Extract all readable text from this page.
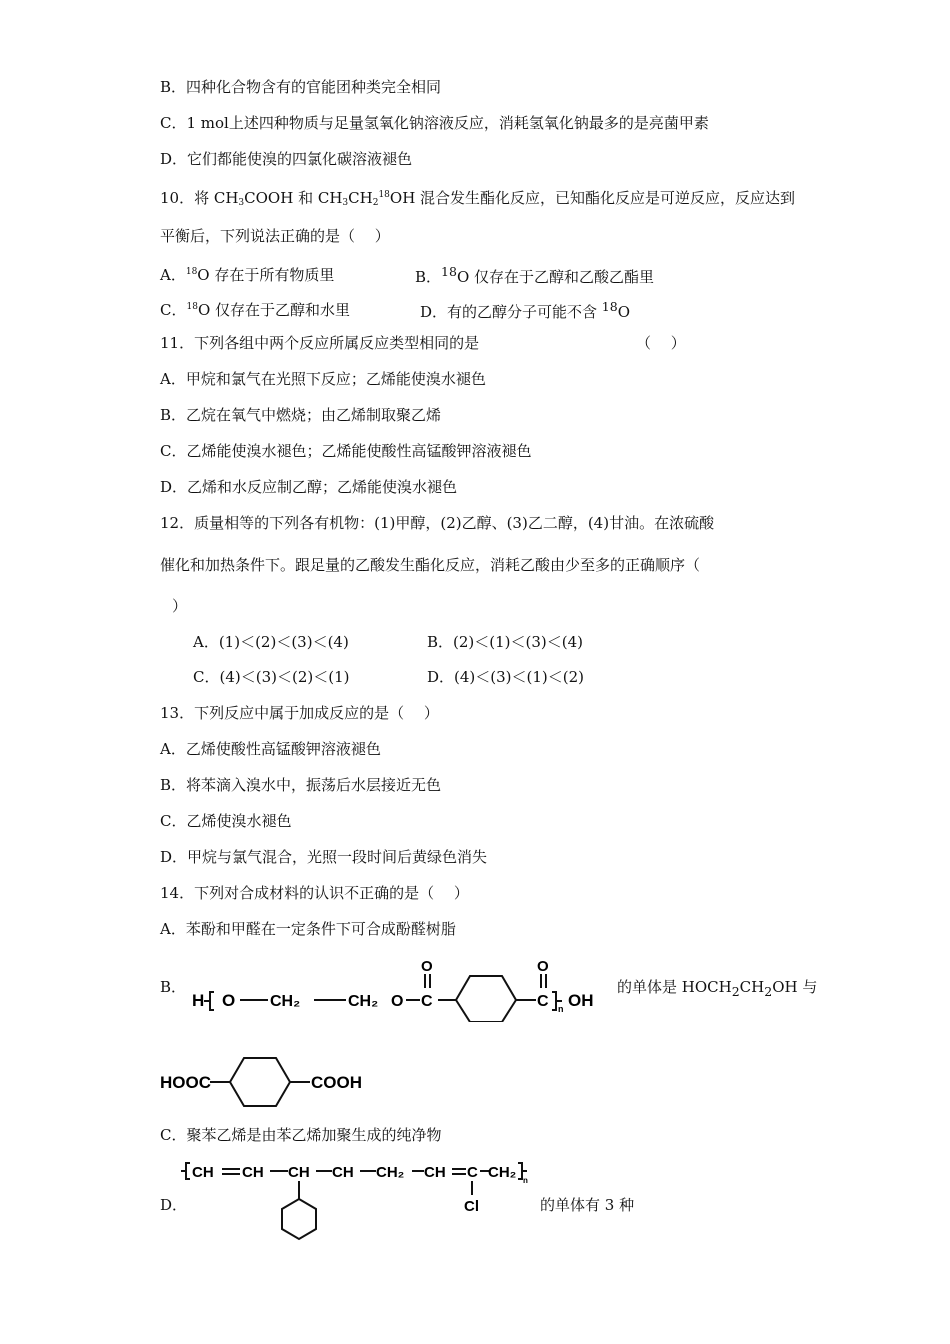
B．四种化合物含有的官能团种类完全相同
C．1 mol上述四种物质与足量氢氧化钠溶液反应，消耗氢氧化钠最多的是亮菌甲素
D．它们都能使溴的四氯化碳溶液褪色
10．将 $CH_3COOH$ 和 $CH_3CH_2^{18}OH$ 混合发生酯化反应，已知酯化反应是可逆反应，反应达到
平衡后，下列说法正确的是（　 ）
A．$^{18}$O 存在于所有物质里	B．$^{18}$O 仅存在于乙醇和乙酸乙酯里
C．$^{18}$O 仅存在于乙醇和水里	D．有的乙醇分子可能不含 $^{18}$O
11．下列各组中两个反应所属反应类型相同的是	（　 ）
A．甲烷和氯气在光照下反应；乙烯能使溴水褪色
B．乙烷在氧气中燃烧；由乙烯制取聚乙烯
C．乙烯能使溴水褪色；乙烯能使酸性高锰酸钾溶液褪色
D．乙烯和水反应制乙醇；乙烯能使溴水褪色
12．质量相等的下列各有机物：(1)甲醇，(2)乙醇、(3)乙二醇，(4)甘油。在浓硫酸
催化和加热条件下。跟足量的乙酸发生酯化反应，消耗乙酸由少至多的正确顺序（
）
A．(1)＜(2)＜(3)＜(4)	B．(2)＜(1)＜(3)＜(4)
C．(4)＜(3)＜(2)＜(1)	D．(4)＜(3)＜(1)＜(2)
13．下列反应中属于加成反应的是（　 ）
A．乙烯使酸性高锰酸钾溶液褪色
B．将苯滴入溴水中，振荡后水层接近无色
C．乙烯使溴水褪色
D．甲烷与氯气混合，光照一段时间后黄绿色消失
14．下列对合成材料的认识不正确的是（　 ）
A．苯酚和甲醛在一定条件下可合成酚醛树脂
B．
H O CH₂	CH₂ O C
O
C
O
n OH
的单体是 $HOCH_2CH_2OH$ 与
HOOC	COOH
C．聚苯乙烯是由苯乙烯加聚生成的纯净物
D．
CH CH CH CH CH₂ CH C
Cl
CH₂ n
的单体有 3 种
